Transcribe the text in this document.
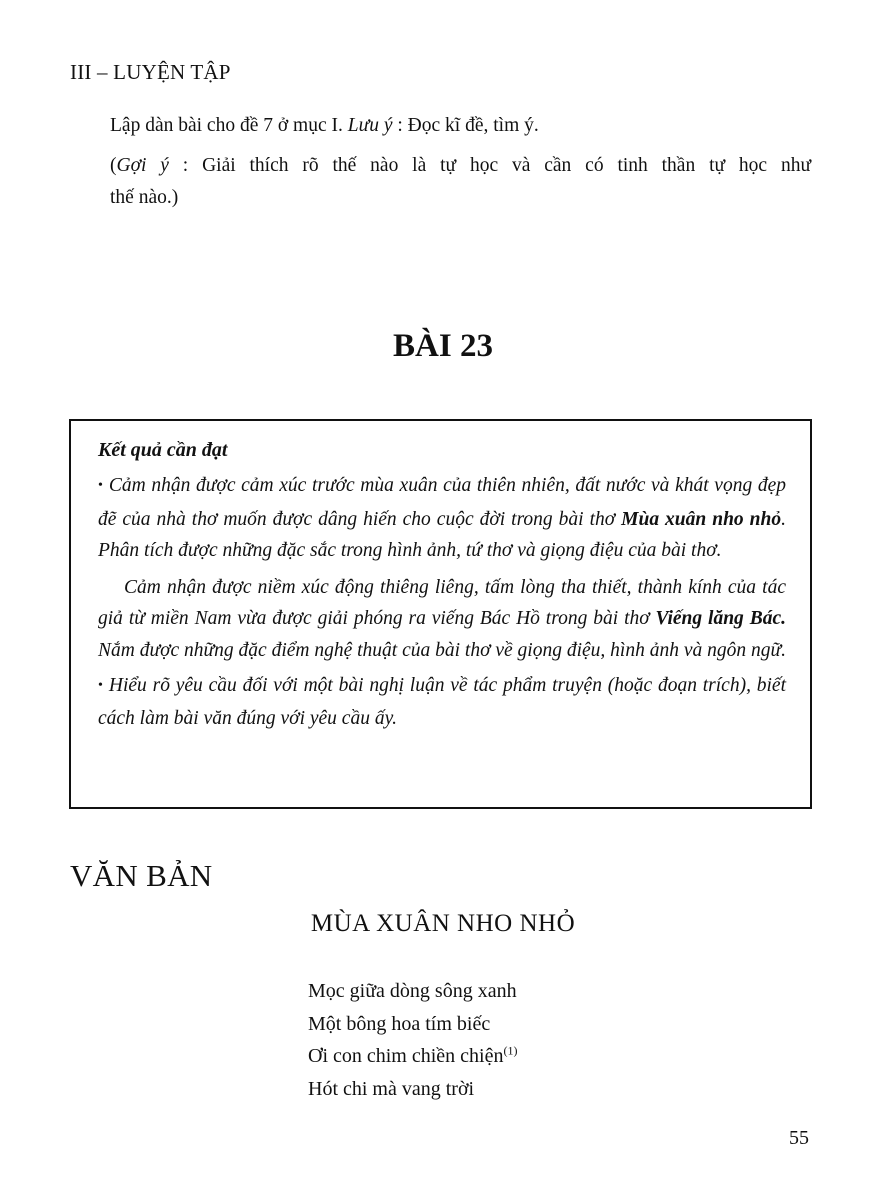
III – LUYỆN TẬP
Lập dàn bài cho đề 7 ở mục I. Lưu ý : Đọc kĩ đề, tìm ý.
(Gợi ý : Giải thích rõ thế nào là tự học và cần có tinh thần tự học như
thế nào.)
BÀI 23
Kết quả cần đạt
• Cảm nhận được cảm xúc trước mùa xuân của thiên nhiên, đất nước và khát vọng đẹp đẽ của nhà thơ muốn được dâng hiến cho cuộc đời trong bài thơ Mùa xuân nho nhỏ. Phân tích được những đặc sắc trong hình ảnh, tứ thơ và giọng điệu của bài thơ.
Cảm nhận được niềm xúc động thiêng liêng, tấm lòng tha thiết, thành kính của tác giả từ miền Nam vừa được giải phóng ra viếng Bác Hồ trong bài thơ Viếng lăng Bác. Nắm được những đặc điểm nghệ thuật của bài thơ về giọng điệu, hình ảnh và ngôn ngữ.
• Hiểu rõ yêu cầu đối với một bài nghị luận về tác phẩm truyện (hoặc đoạn trích), biết cách làm bài văn đúng với yêu cầu ấy.
VĂN BẢN
MÙA XUÂN NHO NHỎ
Mọc giữa dòng sông xanh
Một bông hoa tím biếc
Ơi con chim chiền chiện$^{(1)}$
Hót chi mà vang trời
55
